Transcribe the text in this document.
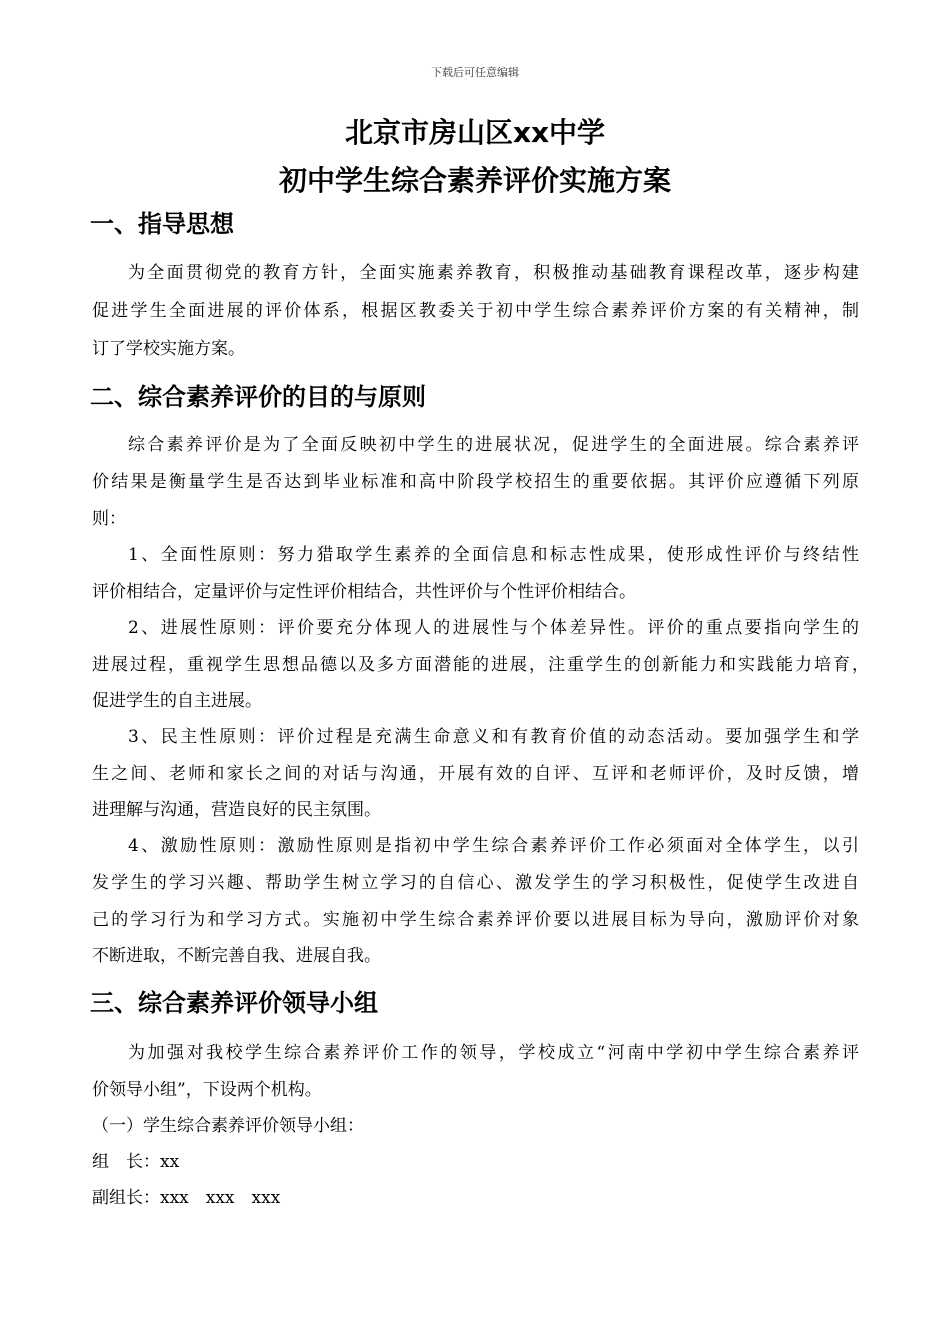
下载后可任意编辑
北京市房山区xx中学
初中学生综合素养评价实施方案
一、指导思想
为全面贯彻党的教育方针，全面实施素养教育，积极推动基础教育课程改革，逐步构建
促进学生全面进展的评价体系，根据区教委关于初中学生综合素养评价方案的有关精神，制
订了学校实施方案。
二、综合素养评价的目的与原则
综合素养评价是为了全面反映初中学生的进展状况，促进学生的全面进展。综合素养评
价结果是衡量学生是否达到毕业标准和高中阶段学校招生的重要依据。其评价应遵循下列原
则：
1、全面性原则：努力猎取学生素养的全面信息和标志性成果，使形成性评价与终结性
评价相结合，定量评价与定性评价相结合，共性评价与个性评价相结合。
2、进展性原则：评价要充分体现人的进展性与个体差异性。评价的重点要指向学生的
进展过程，重视学生思想品德以及多方面潜能的进展，注重学生的创新能力和实践能力培育，
促进学生的自主进展。
3、民主性原则：评价过程是充满生命意义和有教育价值的动态活动。要加强学生和学
生之间、老师和家长之间的对话与沟通，开展有效的自评、互评和老师评价，及时反馈，增
进理解与沟通，营造良好的民主氛围。
4、激励性原则：激励性原则是指初中学生综合素养评价工作必须面对全体学生，以引
发学生的学习兴趣、帮助学生树立学习的自信心、激发学生的学习积极性，促使学生改进自
己的学习行为和学习方式。实施初中学生综合素养评价要以进展目标为导向，激励评价对象
不断进取，不断完善自我、进展自我。
三、综合素养评价领导小组
为加强对我校学生综合素养评价工作的领导，学校成立“河南中学初中学生综合素养评
价领导小组”，下设两个机构。
（一）学生综合素养评价领导小组：
组　长：xx
副组长：xxx　xxx　xxx
